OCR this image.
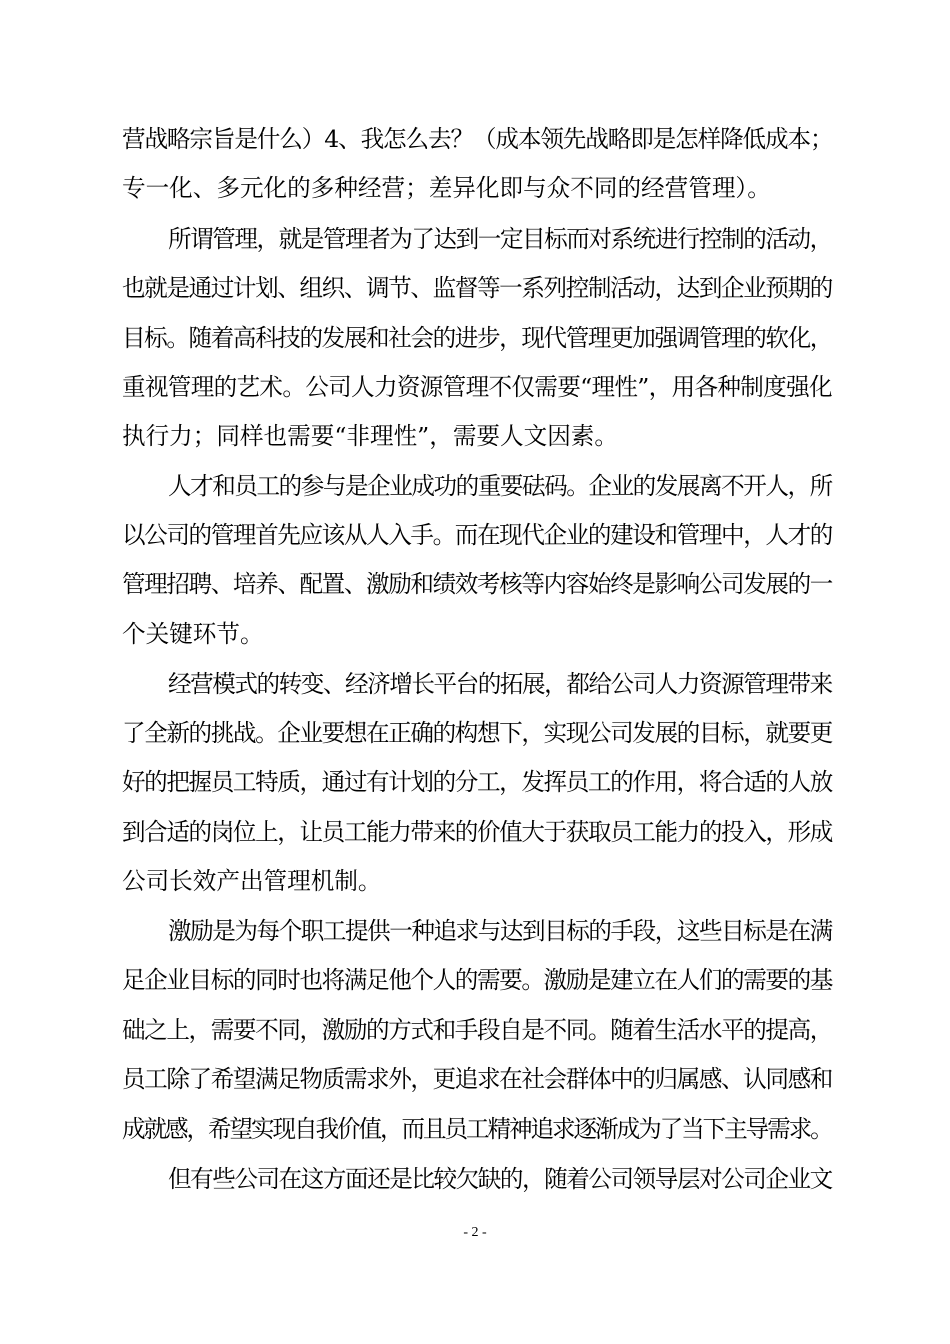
营战略宗旨是什么）4、我怎么去？（成本领先战略即是怎样降低成本；
专一化、多元化的多种经营；差异化即与众不同的经营管理）。
所谓管理，就是管理者为了达到一定目标而对系统进行控制的活动，
也就是通过计划、组织、调节、监督等一系列控制活动，达到企业预期的
目标。随着高科技的发展和社会的进步，现代管理更加强调管理的软化，
重视管理的艺术。公司人力资源管理不仅需要“理性”，用各种制度强化
执行力；同样也需要“非理性”，需要人文因素。
人才和员工的参与是企业成功的重要砝码。企业的发展离不开人，所
以公司的管理首先应该从人入手。而在现代企业的建设和管理中，人才的
管理招聘、培养、配置、激励和绩效考核等内容始终是影响公司发展的一
个关键环节。
经营模式的转变、经济增长平台的拓展，都给公司人力资源管理带来
了全新的挑战。企业要想在正确的构想下，实现公司发展的目标，就要更
好的把握员工特质，通过有计划的分工，发挥员工的作用，将合适的人放
到合适的岗位上，让员工能力带来的价值大于获取员工能力的投入，形成
公司长效产出管理机制。
激励是为每个职工提供一种追求与达到目标的手段，这些目标是在满
足企业目标的同时也将满足他个人的需要。激励是建立在人们的需要的基
础之上，需要不同，激励的方式和手段自是不同。随着生活水平的提高，
员工除了希望满足物质需求外，更追求在社会群体中的归属感、认同感和
成就感，希望实现自我价值，而且员工精神追求逐渐成为了当下主导需求。
但有些公司在这方面还是比较欠缺的，随着公司领导层对公司企业文
- 2 -
